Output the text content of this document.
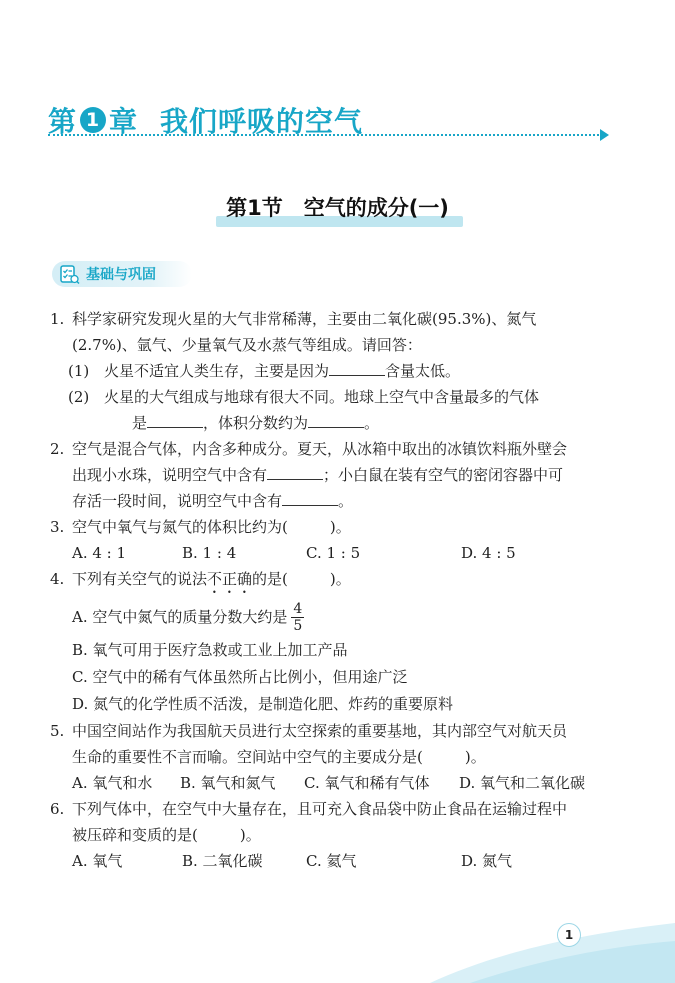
第 1 章 我们呼吸的空气
第1节　空气的成分(一)
基础与巩固
1. 科学家研究发现火星的大气非常稀薄，主要由二氧化碳(95.3%)、氮气
(2.7%)、氩气、少量氧气及水蒸气等组成。请回答：
(1) 火星不适宜人类生存，主要是因为	含量太低。
(2) 火星的大气组成与地球有很大不同。地球上空气中含量最多的气体
是	，体积分数约为	。
2. 空气是混合气体，内含多种成分。夏天，从冰箱中取出的冰镇饮料瓶外壁会
出现小水珠，说明空气中含有	；小白鼠在装有空气的密闭容器中可
存活一段时间，说明空气中含有	。
3. 空气中氧气与氮气的体积比约为(	)。
A. 4 : 1	B. 1 : 4	C. 1 : 5	D. 4 : 5
4. 下列有关空气的说法不正确的是(	)。
A. 空气中氮气的质量分数大约是 $\frac{4}{5}$
B. 氧气可用于医疗急救或工业上加工产品
C. 空气中的稀有气体虽然所占比例小，但用途广泛
D. 氮气的化学性质不活泼，是制造化肥、炸药的重要原料
5. 中国空间站作为我国航天员进行太空探索的重要基地，其内部空气对航天员
生命的重要性不言而喻。空间站中空气的主要成分是(	)。
A. 氧气和水	B. 氧气和氮气	C. 氧气和稀有气体	D. 氧气和二氧化碳
6. 下列气体中，在空气中大量存在，且可充入食品袋中防止食品在运输过程中
被压碎和变质的是(	)。
A. 氧气	B. 二氧化碳	C. 氦气	D. 氮气
1
